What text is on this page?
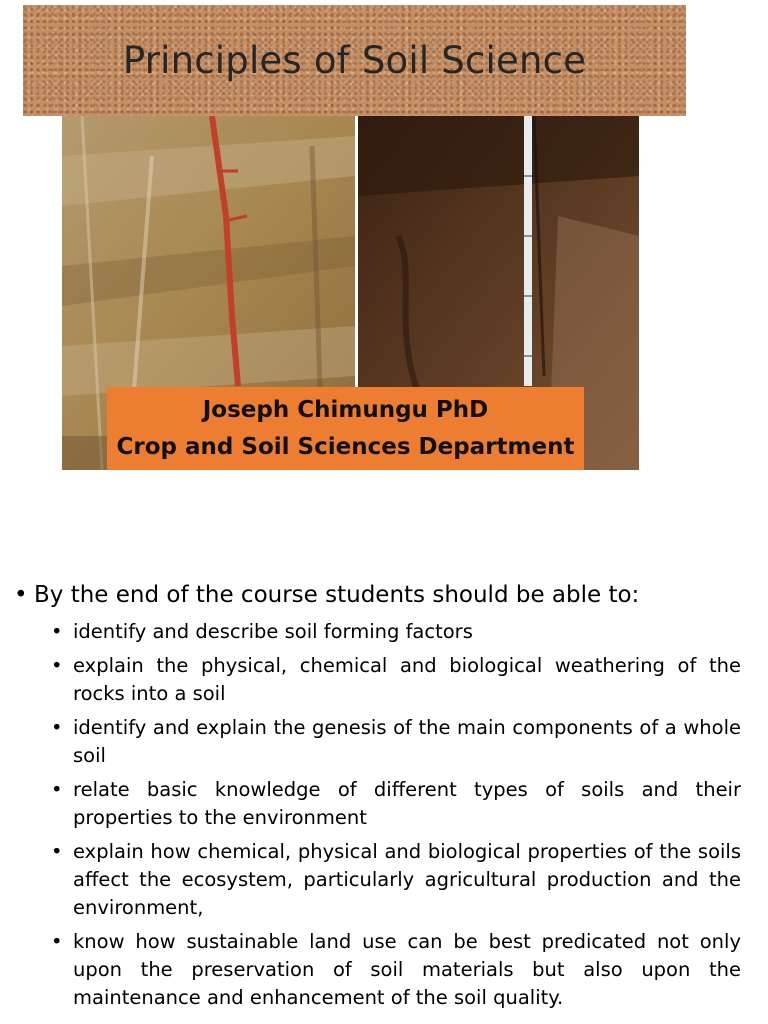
Principles of Soil Science
Joseph Chimungu PhD
Crop and Soil Sciences Department
• By the end of the course students should be able to:
• identify and describe soil forming factors
• explain the physical, chemical and biological weathering of the rocks into a soil
• identify and explain the genesis of the main components of a whole soil
• relate basic knowledge of different types of soils and their properties to the environment
• explain how chemical, physical and biological properties of the soils affect the ecosystem, particularly agricultural production and the environment,
• know how sustainable land use can be best predicated not only upon the preservation of soil materials but also upon the maintenance and enhancement of the soil quality.
